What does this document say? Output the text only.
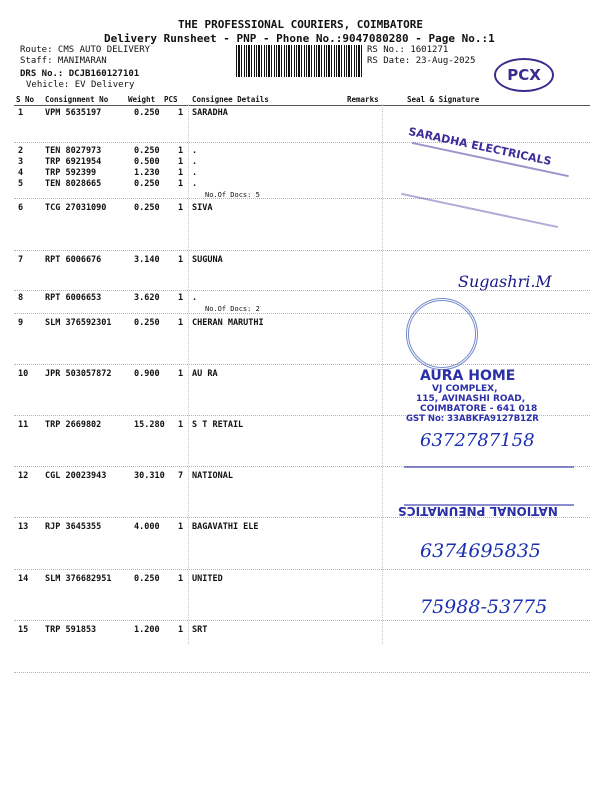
THE PROFESSIONAL COURIERS, COIMBATORE
Delivery Runsheet - PNP - Phone No.:9047080280 - Page No.:1
Route: CMS AUTO DELIVERY
Staff: MANIMARAN
DRS No.: DCJB160127101
Vehicle: EV Delivery
RS No.: 1601271
RS Date: 23-Aug-2025
PCX
S No Consignment No	Weight PCS Consignee Details	Remarks	Seal & Signature
1	VPM 5635197	0.250 1 SARADHA
2	TEN 8027973	0.250 1 .
3	TRP 6921954	0.500 1 .
4	TRP 592399	1.230 1 .
5	TEN 8028665	0.250 1 .
6	TCG 27031090	0.250 1 SIVA
7	RPT 6006676	3.140 1 SUGUNA
8	RPT 6006653	3.620 1 .
9	SLM 376592301	0.250 1 CHERAN MARUTHI
10 JPR 503057872	0.900 1 AU RA
11 TRP 2669802	15.280 1 S T RETAIL
12 CGL 20023943	30.310 7 NATIONAL
13 RJP 3645355	4.000 1 BAGAVATHI ELE
14 SLM 376682951	0.250 1 UNITED
15 TRP 591853	1.200 1 SRT
No.Of Docs: 5
No.Of Docs: 2
SARADHA ELECTRICALS
Sugashri.M
AURA HOME
VJ COMPLEX,
115, AVINASHI ROAD,
COIMBATORE - 641 018
GST No: 33ABKFA9127B1ZR
6372787158
NATIONAL PNEUMATICS
6374695835
75988-53775
